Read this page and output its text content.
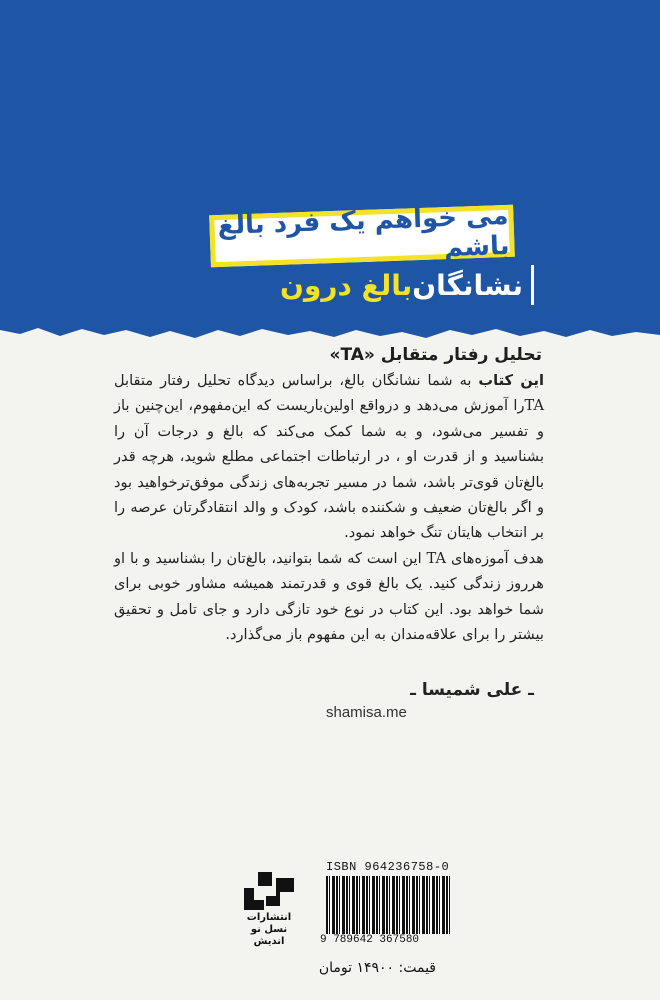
می خواهم یک فرد بالغ باشم
نشانگان
بالغ درون
تحلیل رفتار متقابل «TA»

این کتاب به شما نشانگان بالغ، براساس دیدگاه تحلیل رفتار متقابل TAرا آموزش می‌دهد و درواقع اولین‌باریست که این‌مفهوم، این‌چنین باز و تفسیر می‌شود، و به شما کمک می‌کند که بالغ و درجات آن را بشناسید و از قدرت او ، در ارتباطات اجتماعی مطلع شوید، هرچه قدر بالغ‌تان قوی‌تر باشد، شما در مسیر تجربه‌های زندگی موفق‌ترخواهید بود و اگر بالغ‌تان ضعیف و شکننده باشد، کودک و والد انتقادگرتان عرصه را بر انتخاب هایتان تنگ خواهد نمود.

هدف آموزه‌های TA این است که شما بتوانید، بالغ‌تان را بشناسید و با او هرروز زندگی کنید. یک بالغ قوی و قدرتمند همیشه مشاور خوبی برای شما خواهد بود. این کتاب در نوع خود تازگی دارد و جای تامل و تحقیق بیشتر را برای علاقه‌مندان به این مفهوم باز می‌گذارد.

ـ علی شمیسا ـ
shamisa.me
ISBN 964236758-0
9 789642 367580
انتشارات
نسل نو اندیش
قیمت: ۱۴۹۰۰ تومان
